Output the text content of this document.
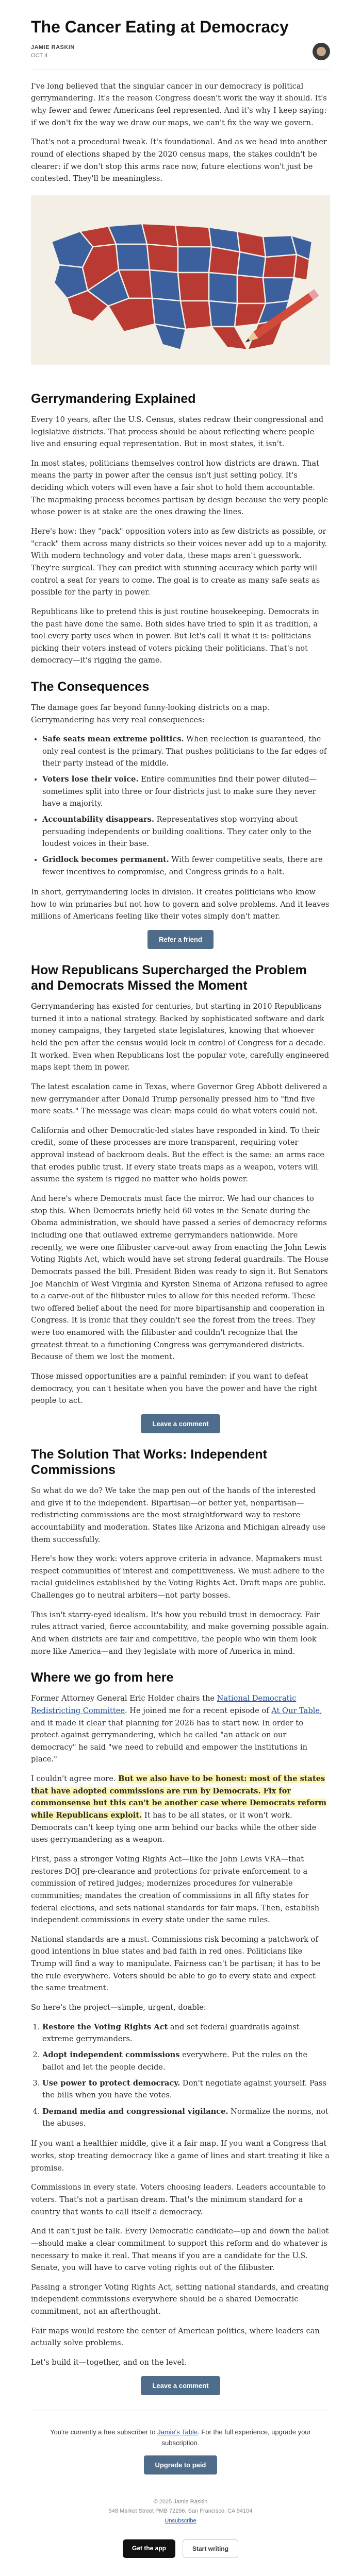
The Cancer Eating at Democracy
JAMIE RASKIN
OCT 4

I've long believed that the singular cancer in our democracy is political gerrymandering. It's the reason Congress doesn't work the way it should. It's why fewer and fewer Americans feel represented. And it's why I keep saying: if we don't fix the way we draw our maps, we can't fix the way we govern.

That's not a procedural tweak. It's foundational. And as we head into another round of elections shaped by the 2020 census maps, the stakes couldn't be clearer: if we don't stop this arms race now, future elections won't just be contested. They'll be meaningless.

Gerrymandering Explained

Every 10 years, after the U.S. Census, states redraw their congressional and legislative districts. That process should be about reflecting where people live and ensuring equal representation. But in most states, it isn't.

In most states, politicians themselves control how districts are drawn. That means the party in power after the census isn't just setting policy. It's deciding which voters will even have a fair shot to hold them accountable. The mapmaking process becomes partisan by design because the very people whose power is at stake are the ones drawing the lines.

Here's how: they "pack" opposition voters into as few districts as possible, or "crack" them across many districts so their voices never add up to a majority. With modern technology and voter data, these maps aren't guesswork. They're surgical. They can predict with stunning accuracy which party will control a seat for years to come. The goal is to create as many safe seats as possible for the party in power.

Republicans like to pretend this is just routine housekeeping. Democrats in the past have done the same. Both sides have tried to spin it as tradition, a tool every party uses when in power. But let's call it what it is: politicians picking their voters instead of voters picking their politicians. That's not democracy—it's rigging the game.

The Consequences

The damage goes far beyond funny-looking districts on a map. Gerrymandering has very real consequences:

• Safe seats mean extreme politics. When reelection is guaranteed, the only real contest is the primary. That pushes politicians to the far edges of their party instead of the middle.
• Voters lose their voice. Entire communities find their power diluted—sometimes split into three or four districts just to make sure they never have a majority.
• Accountability disappears. Representatives stop worrying about persuading independents or building coalitions. They cater only to the loudest voices in their base.
• Gridlock becomes permanent. With fewer competitive seats, there are fewer incentives to compromise, and Congress grinds to a halt.

In short, gerrymandering locks in division. It creates politicians who know how to win primaries but not how to govern and solve problems. And it leaves millions of Americans feeling like their votes simply don't matter.

Refer a friend
How Republicans Supercharged the Problem and Democrats Missed the Moment

Gerrymandering has existed for centuries, but starting in 2010 Republicans turned it into a national strategy. Backed by sophisticated software and dark money campaigns, they targeted state legislatures, knowing that whoever held the pen after the census would lock in control of Congress for a decade. It worked. Even when Republicans lost the popular vote, carefully engineered maps kept them in power.

The latest escalation came in Texas, where Governor Greg Abbott delivered a new gerrymander after Donald Trump personally pressed him to "find five more seats." The message was clear: maps could do what voters could not.

California and other Democratic-led states have responded in kind. To their credit, some of these processes are more transparent, requiring voter approval instead of backroom deals. But the effect is the same: an arms race that erodes public trust. If every state treats maps as a weapon, voters will assume the system is rigged no matter who holds power.

And here's where Democrats must face the mirror. We had our chances to stop this. When Democrats briefly held 60 votes in the Senate during the Obama administration, we should have passed a series of democracy reforms including one that outlawed extreme gerrymanders nationwide. More recently, we were one filibuster carve-out away from enacting the John Lewis Voting Rights Act, which would have set strong federal guardrails. The House Democrats passed the bill. President Biden was ready to sign it. But Senators Joe Manchin of West Virginia and Kyrsten Sinema of Arizona refused to agree to a carve-out of the filibuster rules to allow for this needed reform. These two offered belief about the need for more bipartisanship and cooperation in Congress. It is ironic that they couldn't see the forest from the trees. They were too enamored with the filibuster and couldn't recognize that the greatest threat to a functioning Congress was gerrymandered districts. Because of them we lost the moment.

Those missed opportunities are a painful reminder: if you want to defeat democracy, you can't hesitate when you have the power and have the right people to act.

Leave a comment
The Solution That Works: Independent Commissions

So what do we do? We take the map pen out of the hands of the interested and give it to the independent. Bipartisan—or better yet, nonpartisan—redistricting commissions are the most straightforward way to restore accountability and moderation. States like Arizona and Michigan already use them successfully.

Here's how they work: voters approve criteria in advance. Mapmakers must respect communities of interest and competitiveness. We must adhere to the racial guidelines established by the Voting Rights Act. Draft maps are public. Challenges go to neutral arbiters—not party bosses.

This isn't starry-eyed idealism. It's how you rebuild trust in democracy. Fair rules attract varied, fierce accountability, and make governing possible again. And when districts are fair and competitive, the people who win them look more like America—and they legislate with more of America in mind.

Where we go from here

Former Attorney General Eric Holder chairs the National Democratic Redistricting Committee. He joined me for a recent episode of At Our Table, and it made it clear that planning for 2026 has to start now. In order to protect against gerrymandering, which he called "an attack on our democracy" he said "we need to rebuild and empower the institutions in place."

I couldn't agree more. But we also have to be honest: most of the states that have adopted commissions are run by Democrats. Fix for commonsense but this can't be another case where Democrats reform while Republicans exploit. It has to be all states, or it won't work. Democrats can't keep tying one arm behind our backs while the other side uses gerrymandering as a weapon.

First, pass a stronger Voting Rights Act—like the John Lewis VRA—that restores DOJ pre-clearance and protections for private enforcement to a commission of retired judges; modernizes procedures for vulnerable communities; mandates the creation of commissions in all fifty states for federal elections, and sets national standards for fair maps. Then, establish independent commissions in every state under the same rules.

National standards are a must. Commissions risk becoming a patchwork of good intentions in blue states and bad faith in red ones. Politicians like Trump will find a way to manipulate. Fairness can't be partisan; it has to be the rule everywhere. Voters should be able to go to every state and expect the same treatment.

So here's the project—simple, urgent, doable:

1. Restore the Voting Rights Act and set federal guardrails against extreme gerrymanders.
2. Adopt independent commissions everywhere. Put the rules on the ballot and let the people decide.
3. Use power to protect democracy. Don't negotiate against yourself. Pass the bills when you have the votes.
4. Demand media and congressional vigilance. Normalize the norms, not the abuses.

If you want a healthier middle, give it a fair map. If you want a Congress that works, stop treating democracy like a game of lines and start treating it like a promise.

Commissions in every state. Voters choosing leaders. Leaders accountable to voters. That's not a partisan dream. That's the minimum standard for a country that wants to call itself a democracy.

And it can't just be talk. Every Democratic candidate—up and down the ballot—should make a clear commitment to support this reform and do whatever is necessary to make it real. That means if you are a candidate for the U.S. Senate, you will have to carve voting rights out of the filibuster.

Passing a stronger Voting Rights Act, setting national standards, and creating independent commissions everywhere should be a shared Democratic commitment, not an afterthought.

Fair maps would restore the center of American politics, where leaders can actually solve problems.

Let's build it—together, and on the level.

Leave a comment

You're currently a free subscriber to Jamie's Table. For the full experience, upgrade your subscription.

Upgrade to paid
© 2025 Jamie Raskin
548 Market Street PMB 72296, San Francisco, CA 94104
Unsubscribe
Get the app	Start writing
